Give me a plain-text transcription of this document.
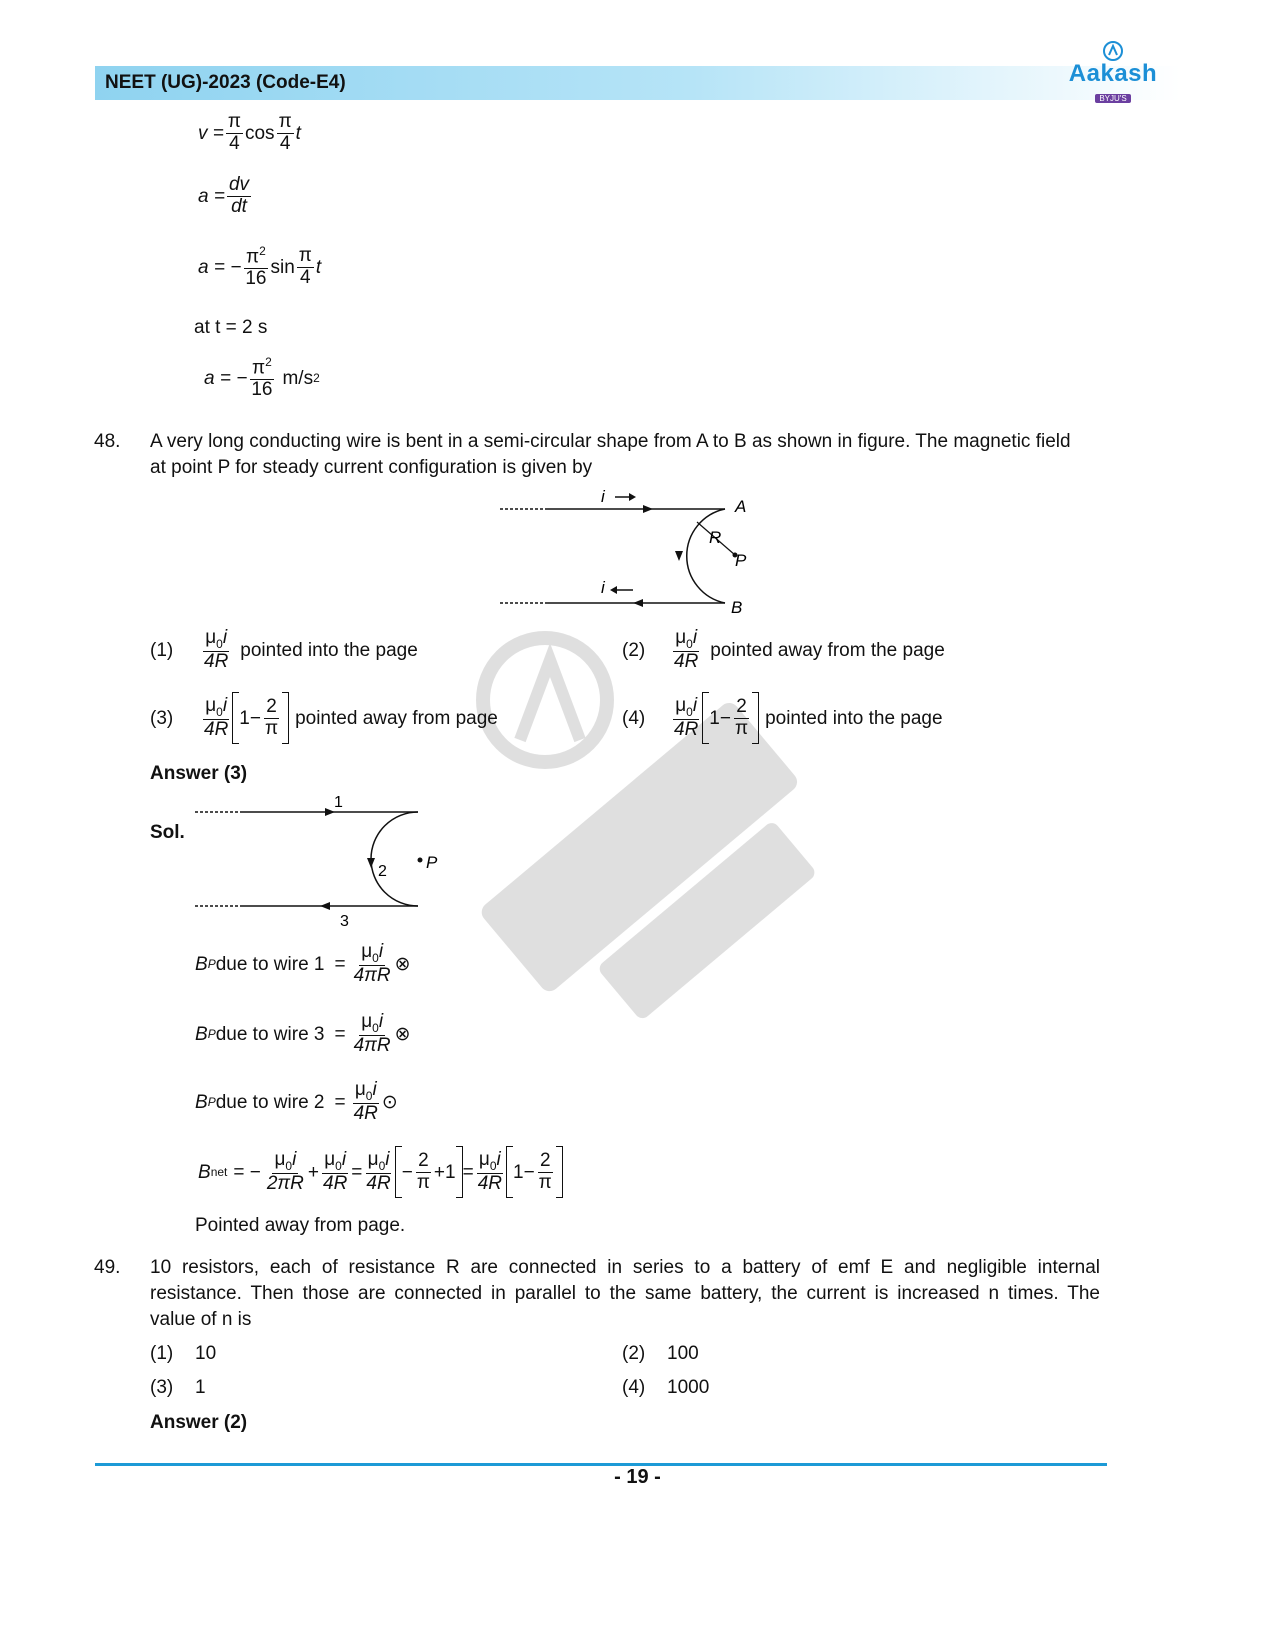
NEET (UG)-2023 (Code-E4)	Aakash
BYJU'S
$v = \frac{\pi}{4}$ $\cos \frac{\pi}{4}$ t
$a = \frac{dv}{dt}$
a = − $\frac{\pi^2}{16}$ $\sin \frac{\pi}{4}$ t
at t = 2 s
a = − $\frac{\pi^2}{16} m/s$ 2
48. A very long conducting wire is bent in a semi-circular shape from A to B as shown in figure. The magnetic field
at point P for steady current configuration is given by
i
i
A
B
R
P
(1)	$\frac{\mu_0i}{4R}$ pointed into the page	(2)	$\frac{\mu_0i}{4R}$ pointed away from the page
(3)	$\frac{\mu_0i}{4R} 1- \frac{2}{\pi}$ pointed away from page	(4)	$\frac{\mu_0i}{4R} 1- \frac{2}{\pi}$ pointed into the page
Answer (3)
Sol.
1
2
3
P
B P due to wire $1 = \frac{\mu_0i}{4\pi R}$ ⊗
B P due to wire $3 = \frac{\mu_0i}{4\pi R}$ ⊗
B P due to wire $2 = \frac{\mu_0i}{4R}$ ⊙
B net = − $\frac{\mu_0i}{2\pi R} + \frac{\mu_0i}{4R} = \frac{\mu_0i}{4R} - \frac{2}{\pi} +1 = \frac{\mu_0i}{4R} 1- \frac{2}{\pi}$
Pointed away from page.
49. 10 resistors, each of resistance R are connected in series to a battery of emf E and negligible internal
resistance. Then those are connected in parallel to the same battery, the current is increased n times. The
value of n is
(1)	10	(2)	100
(3)	1	(4)	1000
Answer (2)
- 19 -
